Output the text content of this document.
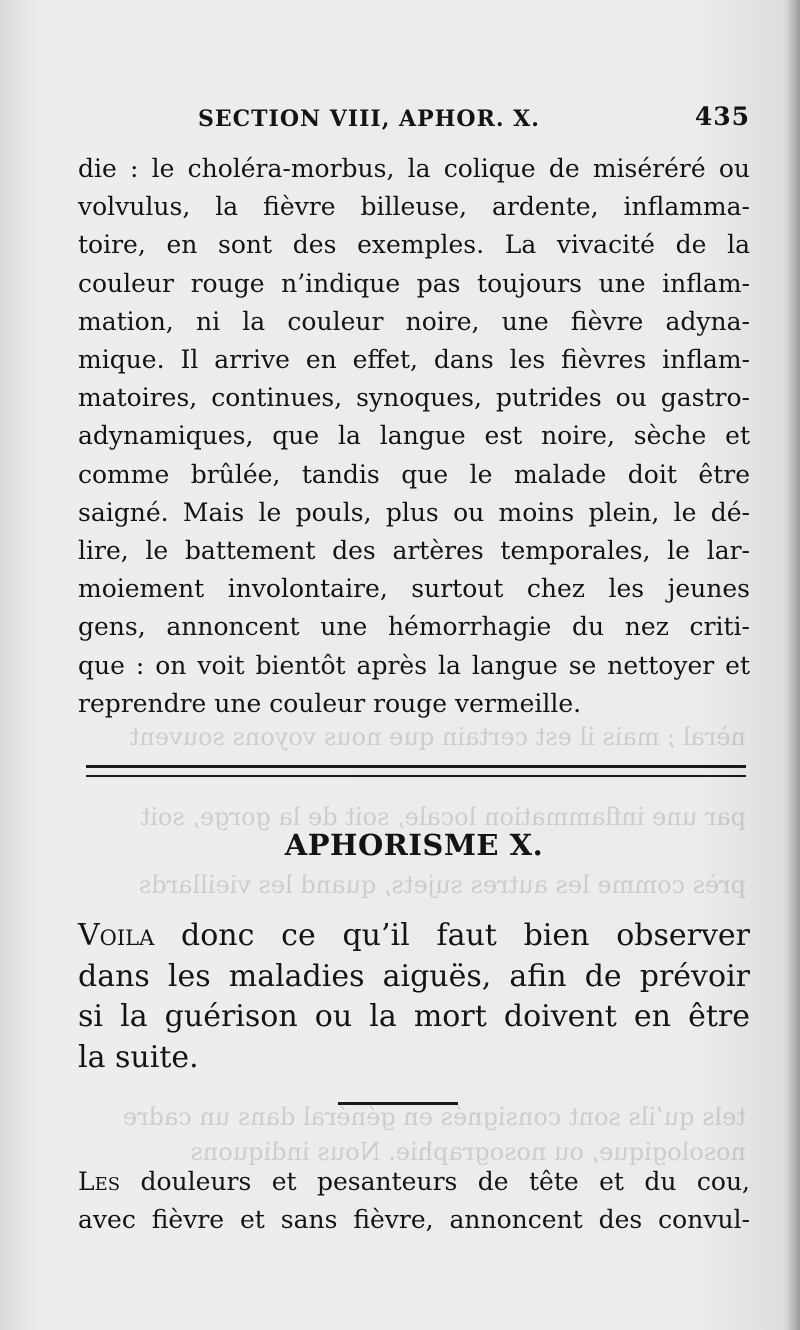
nèral ; mais il est certain que nous voyons souvent
par une inflammation locale, soit de la gorge, soit
près comme les autres sujets, quand les vieillards
tels qu’ils sont consignés en général dans un cadre
nosologique, ou nosographie. Nous indiquons
SECTION VIII, APHOR. X.	435
die : le choléra-morbus, la colique de miséréré ou
volvulus, la fièvre billeuse, ardente, inflamma-
toire, en sont des exemples. La vivacité de la
couleur rouge n’indique pas toujours une inflam-
mation, ni la couleur noire, une fièvre adyna-
mique. Il arrive en effet, dans les fièvres inflam-
matoires, continues, synoques, putrides ou gastro-
adynamiques, que la langue est noire, sèche et
comme brûlée, tandis que le malade doit être
saigné. Mais le pouls, plus ou moins plein, le dé-
lire, le battement des artères temporales, le lar-
moiement involontaire, surtout chez les jeunes
gens, annoncent une hémorrhagie du nez criti-
que : on voit bientôt après la langue se nettoyer et
reprendre une couleur rouge vermeille.
APHORISME X.
Voila donc ce qu’il faut bien observer
dans les maladies aiguës, afin de prévoir
si la guérison ou la mort doivent en être
la suite.
Les douleurs et pesanteurs de tête et du cou,
avec fièvre et sans fièvre, annoncent des convul-
